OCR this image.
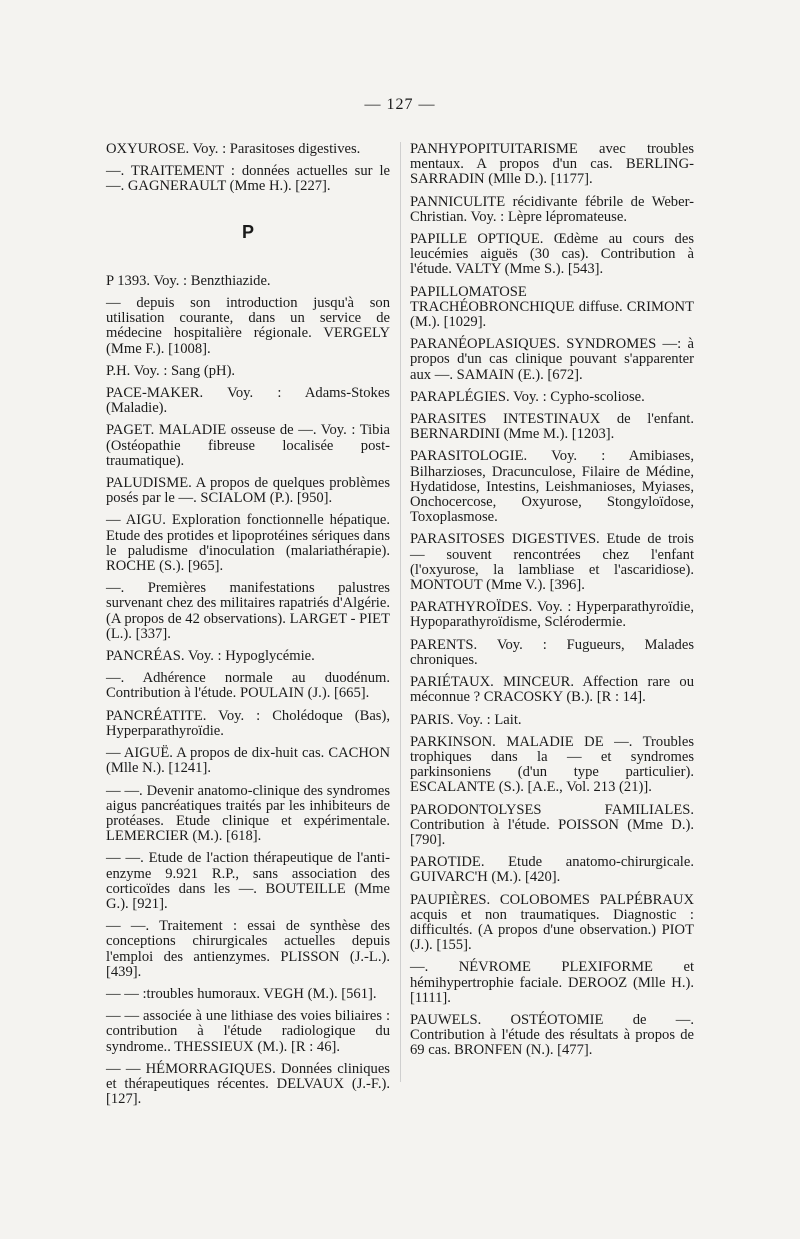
— 127 —

OXYUROSE. Voy. : Parasitoses digestives.

—. TRAITEMENT : données actuelles sur le —. GAGNERAULT (Mme H.). [227].

P

P 1393. Voy. : Benzthiazide.

— depuis son introduction jusqu'à son utilisation courante, dans un service de médecine hospitalière régionale. VERGELY (Mme F.). [1008].

P.H. Voy. : Sang (pH).

PACE-MAKER. Voy. : Adams-Stokes (Maladie).

PAGET. MALADIE osseuse de —. Voy. : Tibia (Ostéopathie fibreuse localisée post-traumatique).

PALUDISME. A propos de quelques problèmes posés par le —. SCIALOM (P.). [950].

— AIGU. Exploration fonctionnelle hépatique. Etude des protides et lipoprotéines sériques dans le paludisme d'inoculation (malariathérapie). ROCHE (S.). [965].

—. Premières manifestations palustres survenant chez des militaires rapatriés d'Algérie. (A propos de 42 observations). LARGET - PIET (L.). [337].

PANCRÉAS. Voy. : Hypoglycémie.

—. Adhérence normale au duodénum. Contribution à l'étude. POULAIN (J.). [665].

PANCRÉATITE. Voy. : Cholédoque (Bas), Hyperparathyroïdie.

— AIGUË. A propos de dix-huit cas. CACHON (Mlle N.). [1241].

— —. Devenir anatomo-clinique des syndromes aigus pancréatiques traités par les inhibiteurs de protéases. Etude clinique et expérimentale. LEMERCIER (M.). [618].

— —. Etude de l'action thérapeutique de l'anti-enzyme 9.921 R.P., sans association des corticoïdes dans les —. BOUTEILLE (Mme G.). [921].

— —. Traitement : essai de synthèse des conceptions chirurgicales actuelles depuis l'emploi des antienzymes. PLISSON (J.-L.). [439].

— — :troubles humoraux. VEGH (M.). [561].

— — associée à une lithiase des voies biliaires : contribution à l'étude radiologique du syndrome.. THESSIEUX (M.). [R : 46].

— — HÉMORRAGIQUES. Données cliniques et thérapeutiques récentes. DELVAUX (J.-F.). [127].

PANHYPOPITUITARISME avec troubles mentaux. A propos d'un cas. BERLING-SARRADIN (Mlle D.). [1177].

PANNICULITE récidivante fébrile de Weber-Christian. Voy. : Lèpre lépromateuse.

PAPILLE OPTIQUE. Œdème au cours des leucémies aiguës (30 cas). Contribution à l'étude. VALTY (Mme S.). [543].

PAPILLOMATOSE TRACHÉOBRONCHIQUE diffuse. CRIMONT (M.). [1029].

PARANÉOPLASIQUES. SYNDROMES —: à propos d'un cas clinique pouvant s'apparenter aux —. SAMAIN (E.). [672].

PARAPLÉGIES. Voy. : Cypho-scoliose.

PARASITES INTESTINAUX de l'enfant. BERNARDINI (Mme M.). [1203].

PARASITOLOGIE. Voy. : Amibiases, Bilharzioses, Dracunculose, Filaire de Médine, Hydatidose, Intestins, Leishmanioses, Myiases, Onchocercose, Oxyurose, Stongyloïdose, Toxoplasmose.

PARASITOSES DIGESTIVES. Etude de trois — souvent rencontrées chez l'enfant (l'oxyurose, la lambliase et l'ascaridiose). MONTOUT (Mme V.). [396].

PARATHYROÏDES. Voy. : Hyperparathyroïdie, Hypoparathyroïdisme, Sclérodermie.

PARENTS. Voy. : Fugueurs, Malades chroniques.

PARIÉTAUX. MINCEUR. Affection rare ou méconnue ? CRACOSKY (B.). [R : 14].

PARIS. Voy. : Lait.

PARKINSON. MALADIE DE —. Troubles trophiques dans la — et syndromes parkinsoniens (d'un type particulier). ESCALANTE (S.). [A.E., Vol. 213 (21)].

PARODONTOLYSES FAMILIALES. Contribution à l'étude. POISSON (Mme D.). [790].

PAROTIDE. Etude anatomo-chirurgicale. GUIVARC'H (M.). [420].

PAUPIÈRES. COLOBOMES PALPÉBRAUX acquis et non traumatiques. Diagnostic : difficultés. (A propos d'une observation.) PIOT (J.). [155].

—. NÉVROME PLEXIFORME et hémihypertrophie faciale. DEROOZ (Mlle H.). [1111].

PAUWELS. OSTÉOTOMIE de —. Contribution à l'étude des résultats à propos de 69 cas. BRONFEN (N.). [477].
